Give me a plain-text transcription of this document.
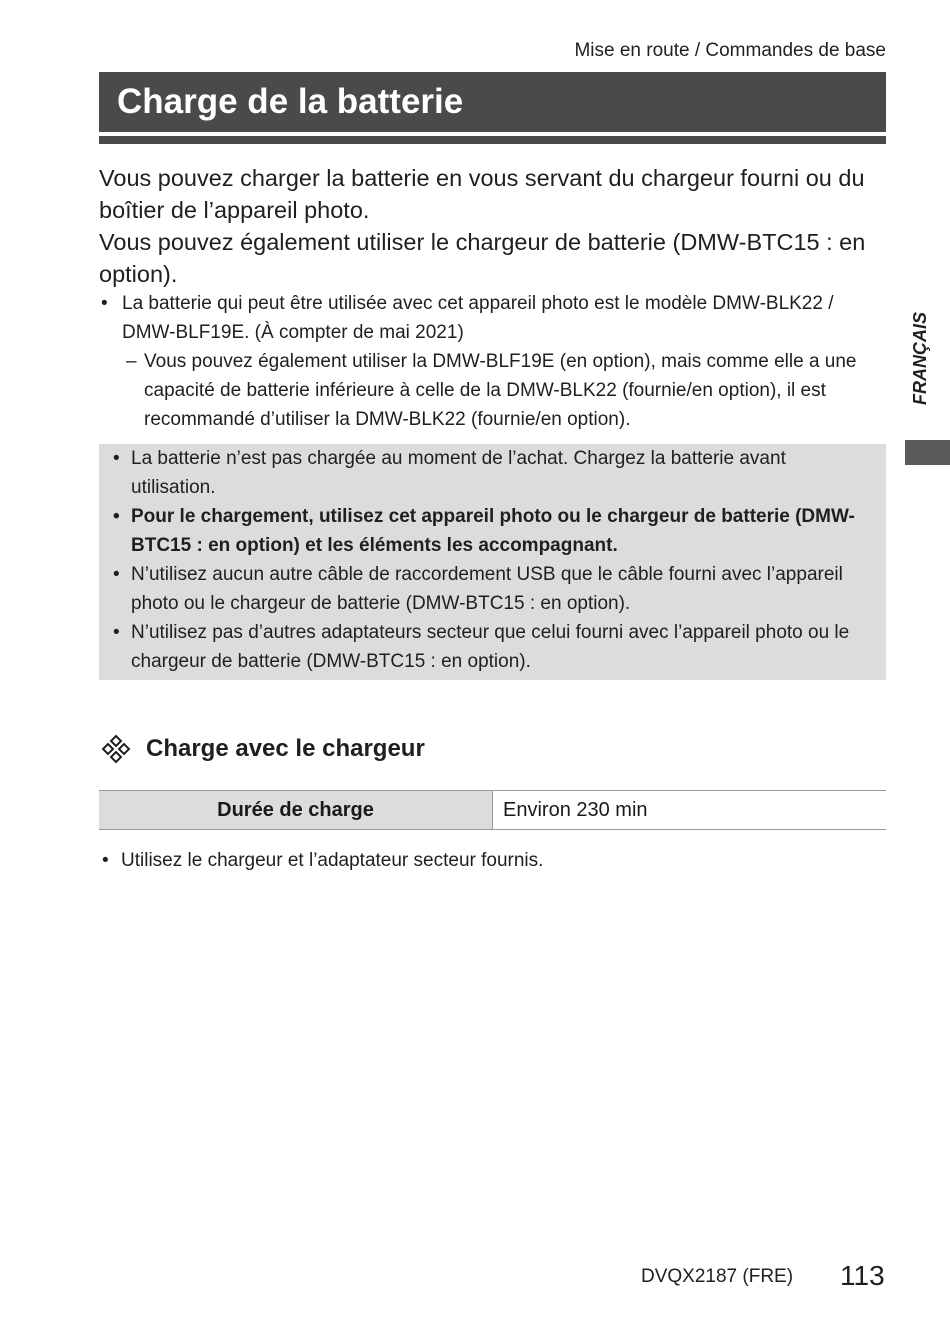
Mise en route / Commandes de base
Charge de la batterie

Vous pouvez charger la batterie en vous servant du chargeur fourni ou du boîtier de l’appareil photo.

Vous pouvez également utiliser le chargeur de batterie (DMW-BTC15 : en option).

• La batterie qui peut être utilisée avec cet appareil photo est le modèle DMW-BLK22 / DMW-BLF19E. (À compter de mai 2021)
– Vous pouvez également utiliser la DMW-BLF19E (en option), mais comme elle a une capacité de batterie inférieure à celle de la DMW-BLK22 (fournie/en option), il est recommandé d’utiliser la DMW-BLK22 (fournie/en option).
• La batterie n’est pas chargée au moment de l’achat. Chargez la batterie avant utilisation.
• Pour le chargement, utilisez cet appareil photo ou le chargeur de batterie (DMW-BTC15 : en option) et les éléments les accompagnant.
• N’utilisez aucun autre câble de raccordement USB que le câble fourni avec l’appareil photo ou le chargeur de batterie (DMW-BTC15 : en option).
• N’utilisez pas d’autres adaptateurs secteur que celui fourni avec l’appareil photo ou le chargeur de batterie (DMW-BTC15 : en option).
Charge avec le chargeur
Durée de charge	Environ 230 min
• Utilisez le chargeur et l’adaptateur secteur fournis.
FRANÇAIS
DVQX2187 (FRE) 113
